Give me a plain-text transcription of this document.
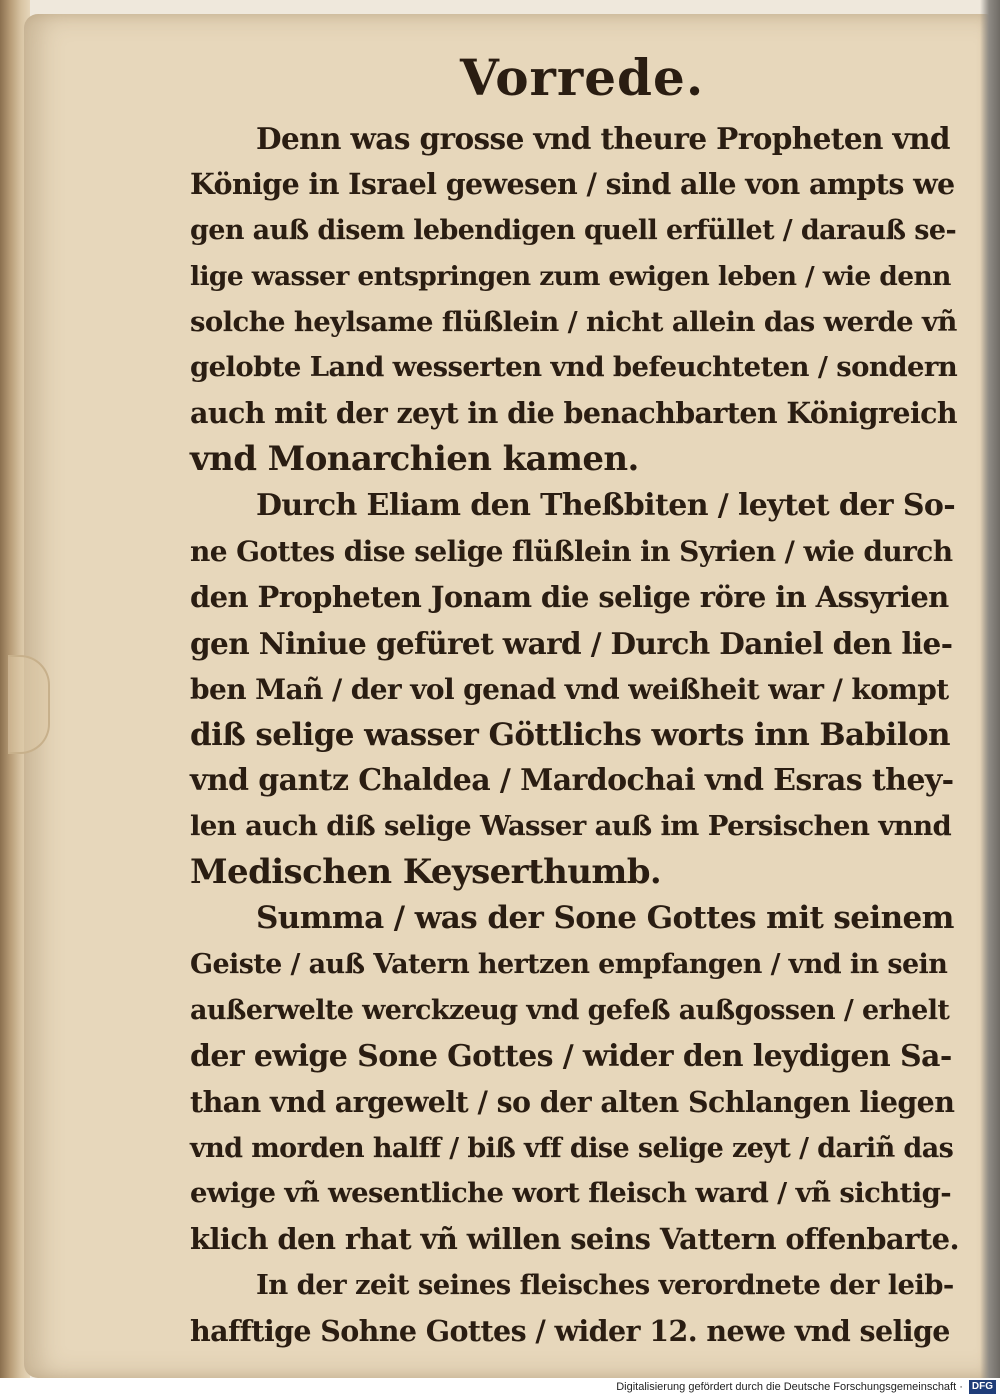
Vorrede.
Denn was grosse vnd theure Propheten vnd
Könige in Israel gewesen / sind alle von ampts we
gen auß disem lebendigen quell erfüllet / darauß se-
lige wasser entspringen zum ewigen leben / wie denn
solche heylsame flüßlein / nicht allein das werde vñ
gelobte Land wesserten vnd befeuchteten / sondern
auch mit der zeyt in die benachbarten Königreich
vnd Monarchien kamen.
Durch Eliam den Theßbiten / leytet der So-
ne Gottes dise selige flüßlein in Syrien / wie durch
den Propheten Jonam die selige röre in Assyrien
gen Niniue gefüret ward / Durch Daniel den lie-
ben Mañ / der vol genad vnd weißheit war / kompt
diß selige wasser Göttlichs worts inn Babilon
vnd gantz Chaldea / Mardochai vnd Esras they-
len auch diß selige Wasser auß im Persischen vnnd
Medischen Keyserthumb.
Summa / was der Sone Gottes mit seinem
Geiste / auß Vatern hertzen empfangen / vnd in sein
außerwelte werckzeug vnd gefeß außgossen / erhelt
der ewige Sone Gottes / wider den leydigen Sa-
than vnd argewelt / so der alten Schlangen liegen
vnd morden halff / biß vff dise selige zeyt / dariñ das
ewige vñ wesentliche wort fleisch ward / vñ sichtig-
klich den rhat vñ willen seins Vattern offenbarte.
In der zeit seines fleisches verordnete der leib-
hafftige Sohne Gottes / wider 12. newe vnd selige
Digitalisierung gefördert durch die Deutsche Forschungsgemeinschaft · DFG
